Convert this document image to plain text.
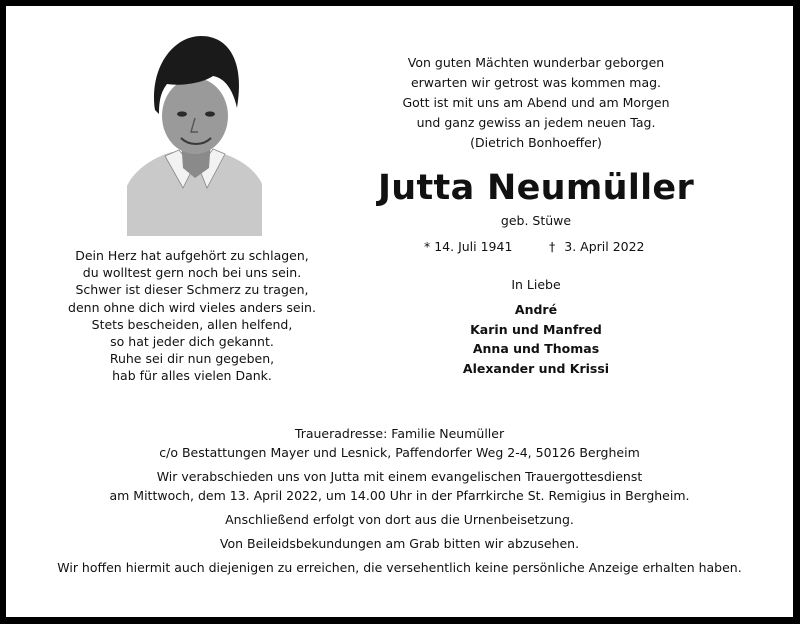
Von guten Mächten wunderbar geborgen
erwarten wir getrost was kommen mag.
Gott ist mit uns am Abend und am Morgen
und ganz gewiss an jedem neuen Tag.
(Dietrich Bonhoeffer)
Jutta Neumüller
geb. Stüwe
* 14. Juli 1941	† 3. April 2022
Dein Herz hat aufgehört zu schlagen,
du wolltest gern noch bei uns sein.
Schwer ist dieser Schmerz zu tragen,
denn ohne dich wird vieles anders sein.
Stets bescheiden, allen helfend,
so hat jeder dich gekannt.
Ruhe sei dir nun gegeben,
hab für alles vielen Dank.
In Liebe
André
Karin und Manfred
Anna und Thomas
Alexander und Krissi
Traueradresse: Familie Neumüller
c/o Bestattungen Mayer und Lesnick, Paffendorfer Weg 2-4, 50126 Bergheim
Wir verabschieden uns von Jutta mit einem evangelischen Trauergottesdienst
am Mittwoch, dem 13. April 2022, um 14.00 Uhr in der Pfarrkirche St. Remigius in Bergheim.
Anschließend erfolgt von dort aus die Urnenbeisetzung.
Von Beileidsbekundungen am Grab bitten wir abzusehen.
Wir hoffen hiermit auch diejenigen zu erreichen, die versehentlich keine persönliche Anzeige erhalten haben.
